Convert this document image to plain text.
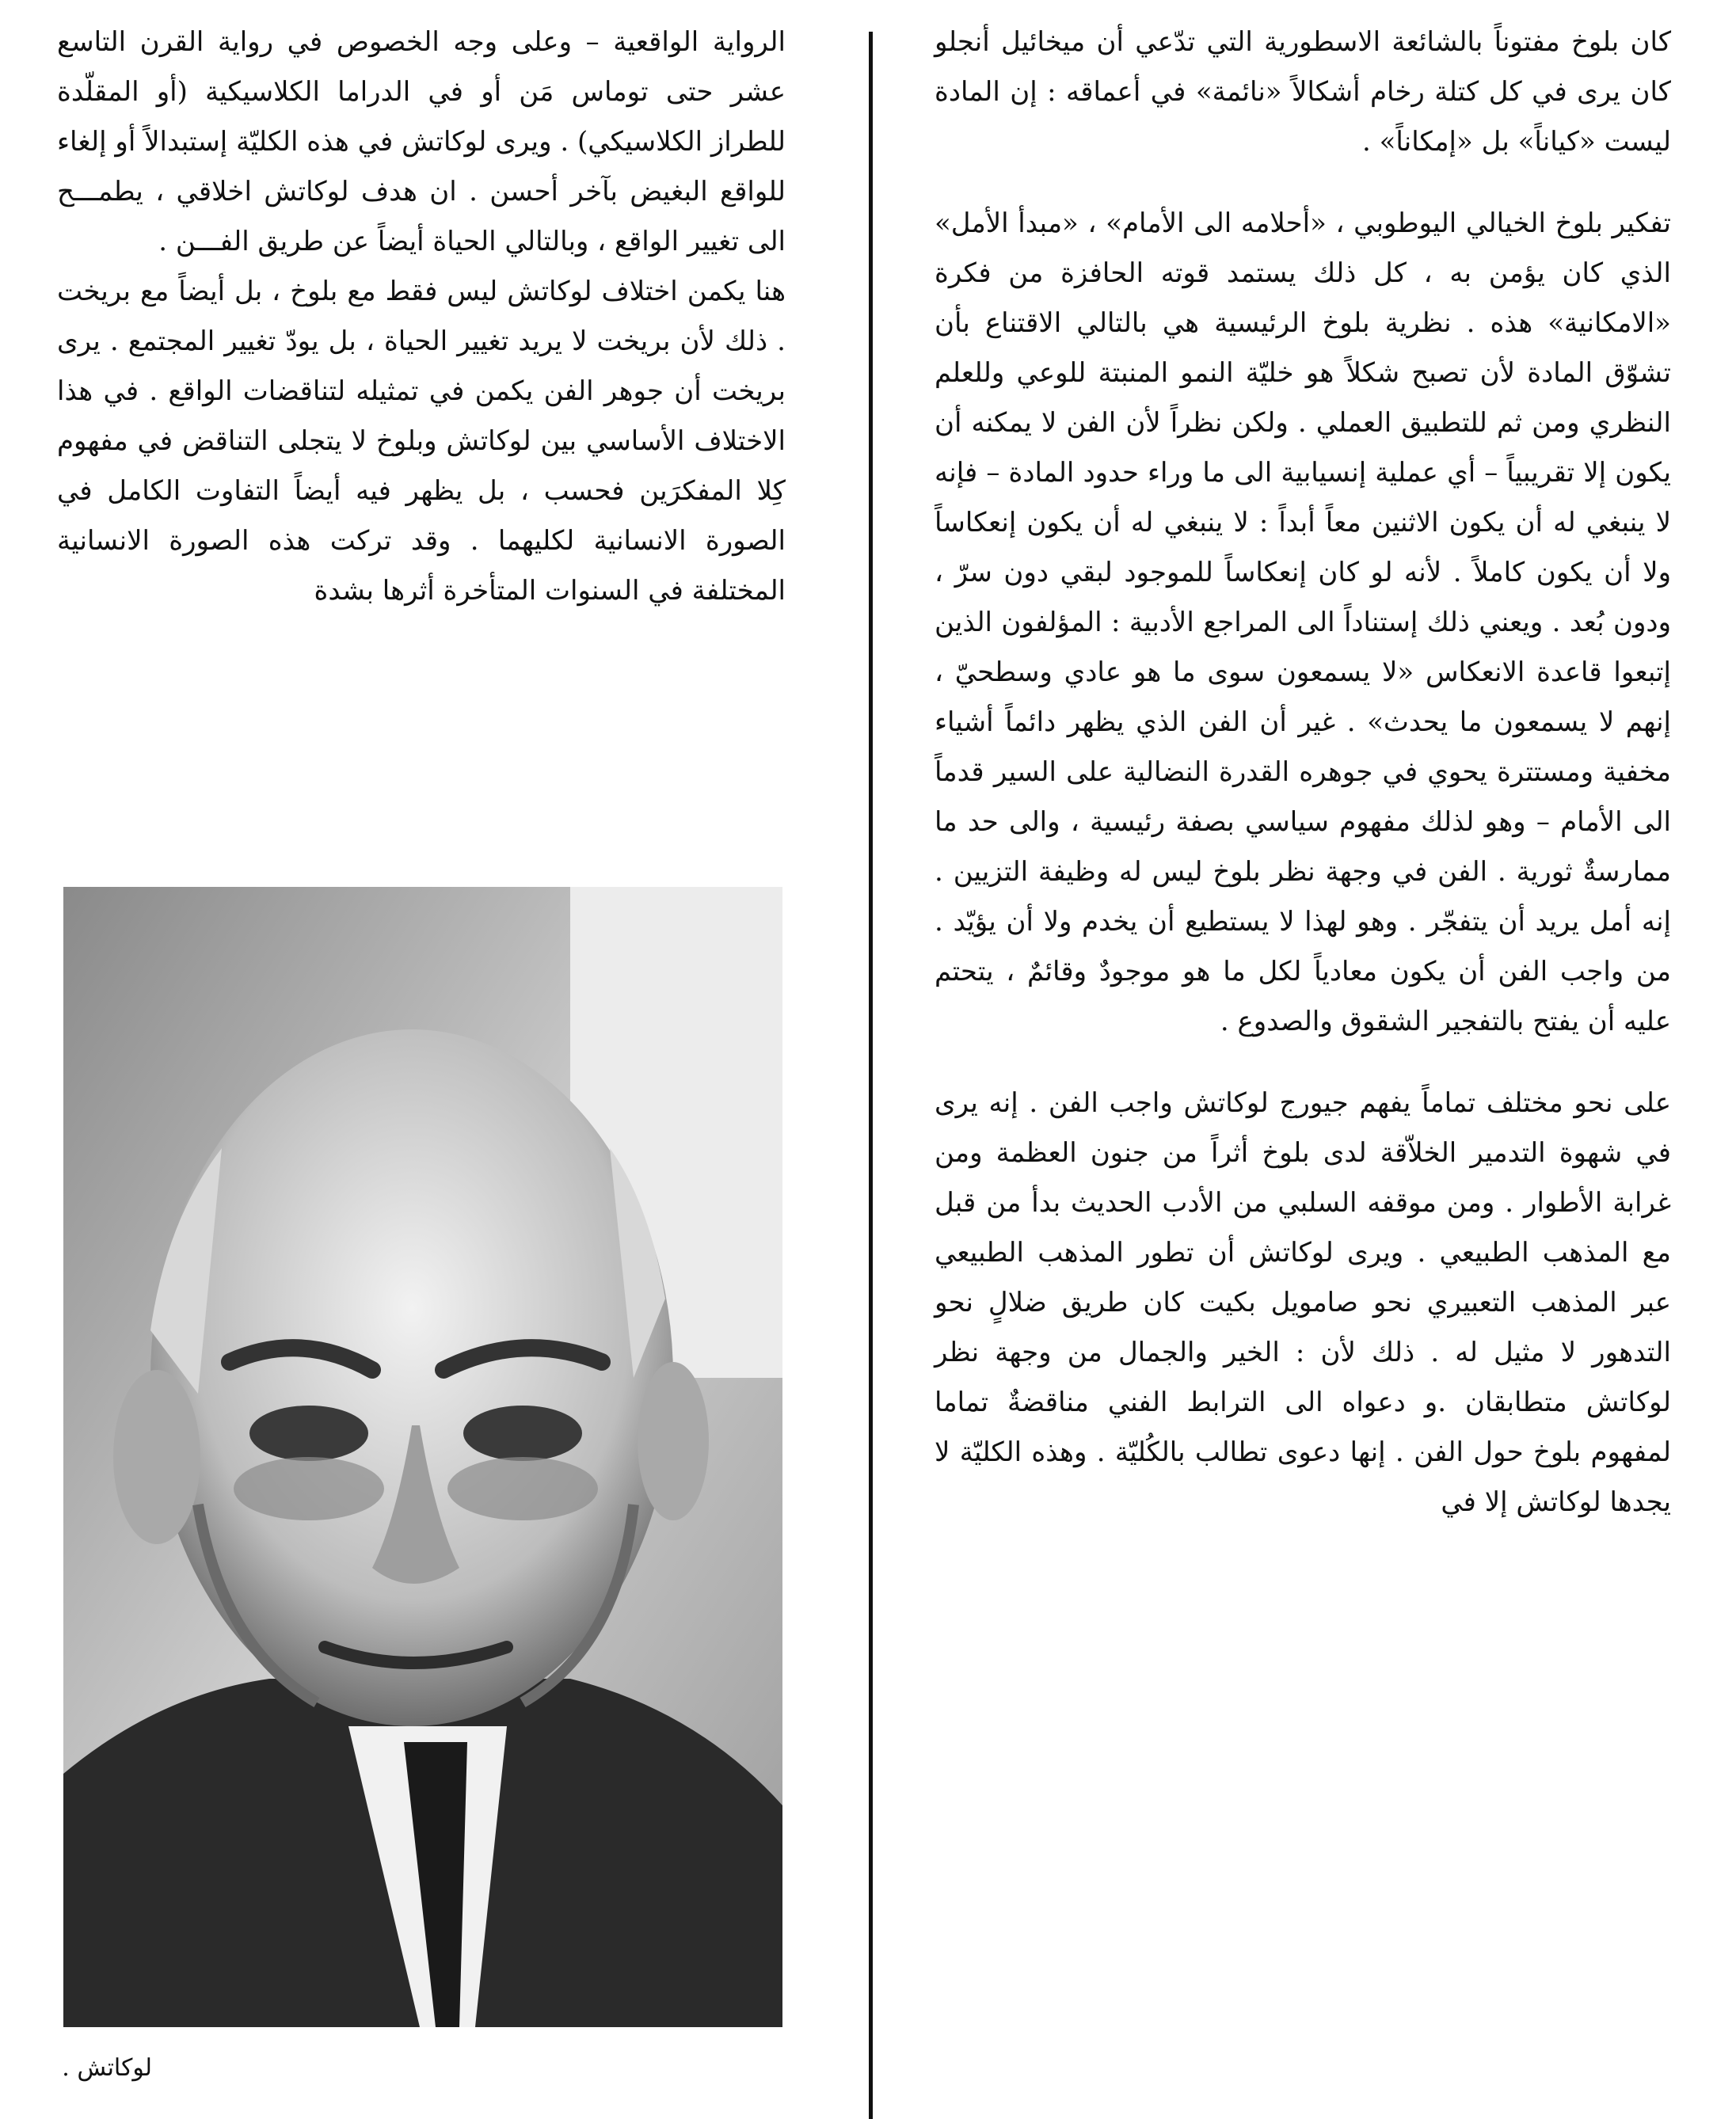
كان بلوخ مفتوناً بالشائعة الاسطورية التي تدّعي أن ميخائيل أنجلو كان يرى في كل كتلة رخام أشكالاً «نائمة» في أعماقه : إن المادة ليست «كياناً» بل «إمكاناً» .

تفكير بلوخ الخيالي اليوطوبي ، «أحلامه الى الأمام» ، «مبدأ الأمل» الذي كان يؤمن به ، كل ذلك يستمد قوته الحافزة من فكرة «الامكانية» هذه . نظرية بلوخ الرئيسية هي بالتالي الاقتناع بأن تشوّق المادة لأن تصبح شكلاً هو خليّة النمو المنبتة للوعي وللعلم النظري ومن ثم للتطبيق العملي . ولكن نظراً لأن الفن لا يمكنه أن يكون إلا تقريبياً – أي عملية إنسيابية الى ما وراء حدود المادة – فإنه لا ينبغي له أن يكون الاثنين معاً أبداً : لا ينبغي له أن يكون إنعكاساً ولا أن يكون كاملاً . لأنه لو كان إنعكاساً للموجود لبقي دون سرّ ، ودون بُعد . ويعني ذلك إستناداً الى المراجع الأدبية : المؤلفون الذين إتبعوا قاعدة الانعكاس «لا يسمعون سوى ما هو عادي وسطحيّ ، إنهم لا يسمعون ما يحدث» . غير أن الفن الذي يظهر دائماً أشياء مخفية ومستترة يحوي في جوهره القدرة النضالية على السير قدماً الى الأمام – وهو لذلك مفهوم سياسي بصفة رئيسية ، والى حد ما ممارسةٌ ثورية . الفن في وجهة نظر بلوخ ليس له وظيفة التزيين . إنه أمل يريد أن يتفجّر . وهو لهذا لا يستطيع أن يخدم ولا أن يؤيّد . من واجب الفن أن يكون معادياً لكل ما هو موجودٌ وقائمٌ ، يتحتم عليه أن يفتح بالتفجير الشقوق والصدوع .

على نحو مختلف تماماً يفهم جيورج لوكاتش واجب الفن . إنه يرى في شهوة التدمير الخلاّقة لدى بلوخ أثراً من جنون العظمة ومن غرابة الأطوار . ومن موقفه السلبي من الأدب الحديث بدأ من قبل مع المذهب الطبيعي . ويرى لوكاتش أن تطور المذهب الطبيعي عبر المذهب التعبيري نحو صامويل بكيت كان طريق ضلالٍ نحو التدهور لا مثيل له . ذلك لأن : الخير والجمال من وجهة نظر لوكاتش متطابقان .و دعواه الى الترابط الفني مناقضةٌ تماما لمفهوم بلوخ حول الفن . إنها دعوى تطالب بالكُليّة . وهذه الكليّة لا يجدها لوكاتش إلا في

الرواية الواقعية – وعلى وجه الخصوص في رواية القرن التاسع عشر حتى توماس مَن أو في الدراما الكلاسيكية (أو المقلّدة للطراز الكلاسيكي) . ويرى لوكاتش في هذه الكليّة إستبدالاً أو إلغاء للواقع البغيض بآخر أحسن . ان هدف لوكاتش اخلاقي ، يطمـــح الى تغيير الواقع ، وبالتالي الحياة أيضاً عن طريق الفـــن .

هنا يكمن اختلاف لوكاتش ليس فقط مع بلوخ ، بل أيضاً مع بريخت . ذلك لأن بريخت لا يريد تغيير الحياة ، بل يودّ تغيير المجتمع . يرى بريخت أن جوهر الفن يكمن في تمثيله لتناقضات الواقع . في هذا الاختلاف الأساسي بين لوكاتش وبلوخ لا يتجلى التناقض في مفهوم كِلا المفكرَين فحسب ، بل يظهر فيه أيضاً التفاوت الكامل في الصورة الانسانية لكليهما . وقد تركت هذه الصورة الانسانية المختلفة في السنوات المتأخرة أثرها بشدة

لوكاتش .
